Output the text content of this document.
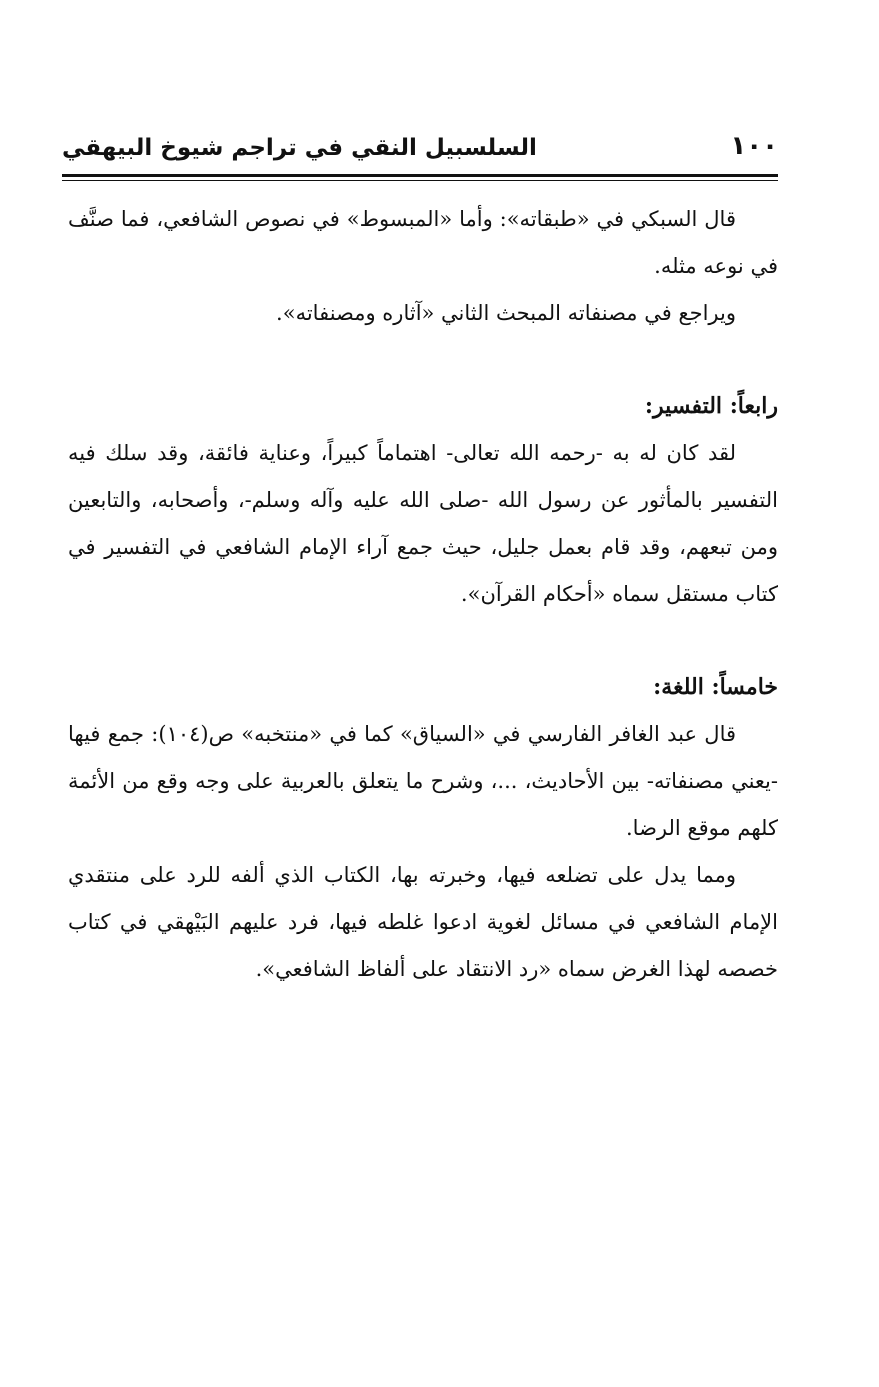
١٠٠
السلسبيل النقي في تراجم شيوخ البيهقي

قال السبكي في «طبقاته»: وأما «المبسوط» في نصوص الشافعي، فما صنَّف في نوعه مثله.

ويراجع في مصنفاته المبحث الثاني «آثاره ومصنفاته».

رابعاً: التفسير:

لقد كان له به -رحمه الله تعالى- اهتماماً كبيراً، وعناية فائقة، وقد سلك فيه التفسير بالمأثور عن رسول الله -صلى الله عليه وآله وسلم-، وأصحابه، والتابعين ومن تبعهم، وقد قام بعمل جليل، حيث جمع آراء الإمام الشافعي في التفسير في كتاب مستقل سماه «أحكام القرآن».

خامساً: اللغة:

قال عبد الغافر الفارسي في «السياق» كما في «منتخبه» ص(١٠٤): جمع فيها -يعني مصنفاته- بين الأحاديث، ...، وشرح ما يتعلق بالعربية على وجه وقع من الأئمة كلهم موقع الرضا.

ومما يدل على تضلعه فيها، وخبرته بها، الكتاب الذي ألفه للرد على منتقدي الإمام الشافعي في مسائل لغوية ادعوا غلطه فيها، فرد عليهم البَيْهقي في كتاب خصصه لهذا الغرض سماه «رد الانتقاد على ألفاظ الشافعي».
